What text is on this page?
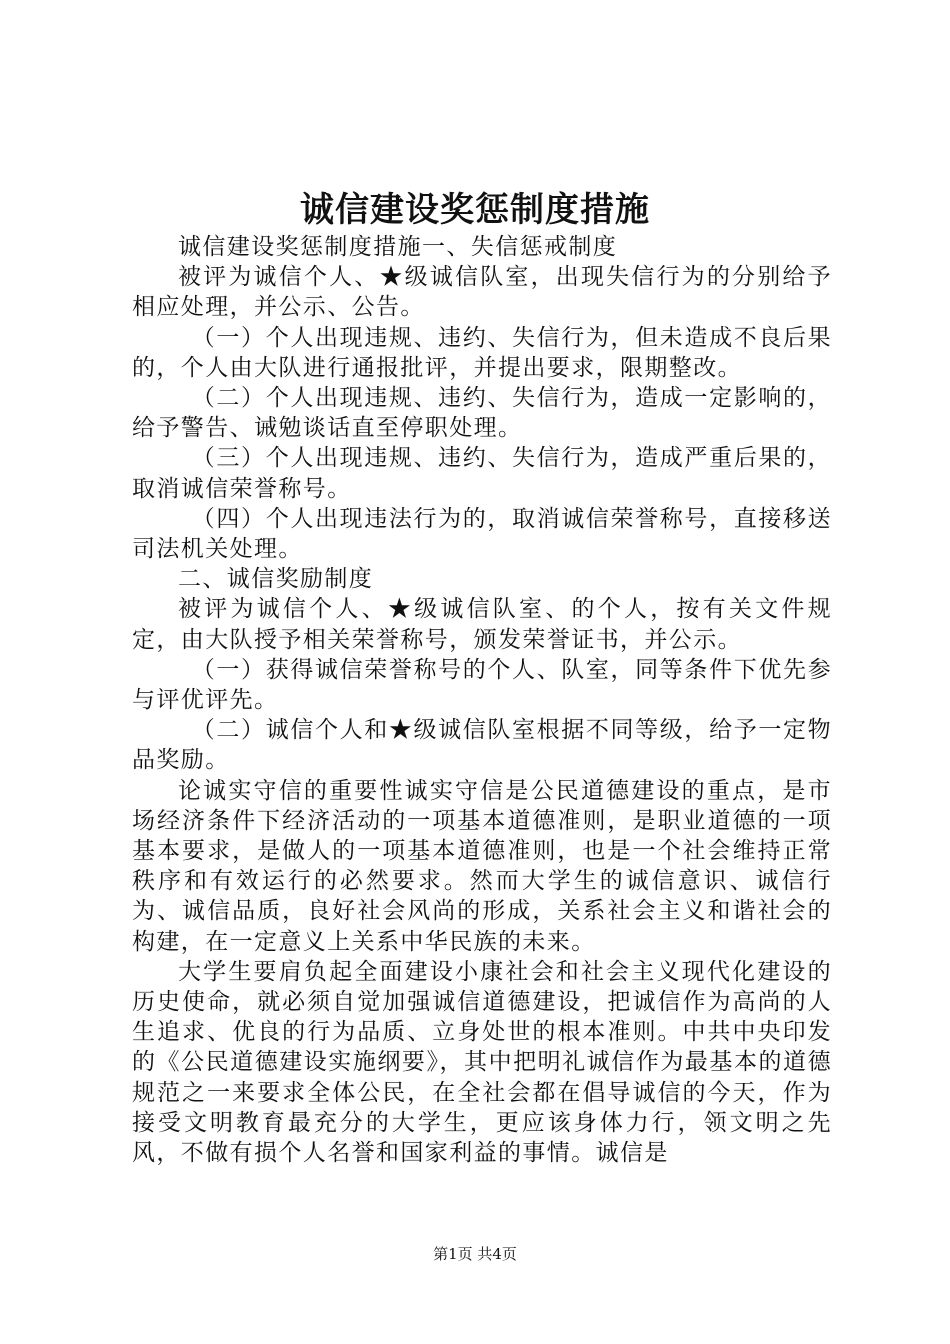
诚信建设奖惩制度措施

诚信建设奖惩制度措施一、失信惩戒制度

被评为诚信个人、★级诚信队室，出现失信行为的分别给予相应处理，并公示、公告。

（一）个人出现违规、违约、失信行为，但未造成不良后果的，个人由大队进行通报批评，并提出要求，限期整改。

（二）个人出现违规、违约、失信行为，造成一定影响的，给予警告、诫勉谈话直至停职处理。

（三）个人出现违规、违约、失信行为，造成严重后果的，取消诚信荣誉称号。

（四）个人出现违法行为的，取消诚信荣誉称号，直接移送司法机关处理。

二、诚信奖励制度

被评为诚信个人、★级诚信队室、的个人，按有关文件规定，由大队授予相关荣誉称号，颁发荣誉证书，并公示。

（一）获得诚信荣誉称号的个人、队室，同等条件下优先参与评优评先。

（二）诚信个人和★级诚信队室根据不同等级，给予一定物品奖励。

论诚实守信的重要性诚实守信是公民道德建设的重点，是市场经济条件下经济活动的一项基本道德准则，是职业道德的一项基本要求，是做人的一项基本道德准则，也是一个社会维持正常秩序和有效运行的必然要求。然而大学生的诚信意识、诚信行为、诚信品质，良好社会风尚的形成，关系社会主义和谐社会的构建，在一定意义上关系中华民族的未来。

大学生要肩负起全面建设小康社会和社会主义现代化建设的历史使命，就必须自觉加强诚信道德建设，把诚信作为高尚的人生追求、优良的行为品质、立身处世的根本准则。中共中央印发的《公民道德建设实施纲要》，其中把明礼诚信作为最基本的道德规范之一来要求全体公民，在全社会都在倡导诚信的今天，作为接受文明教育最充分的大学生，更应该身体力行，领文明之先风，不做有损个人名誉和国家利益的事情。诚信是

第1页 共4页
